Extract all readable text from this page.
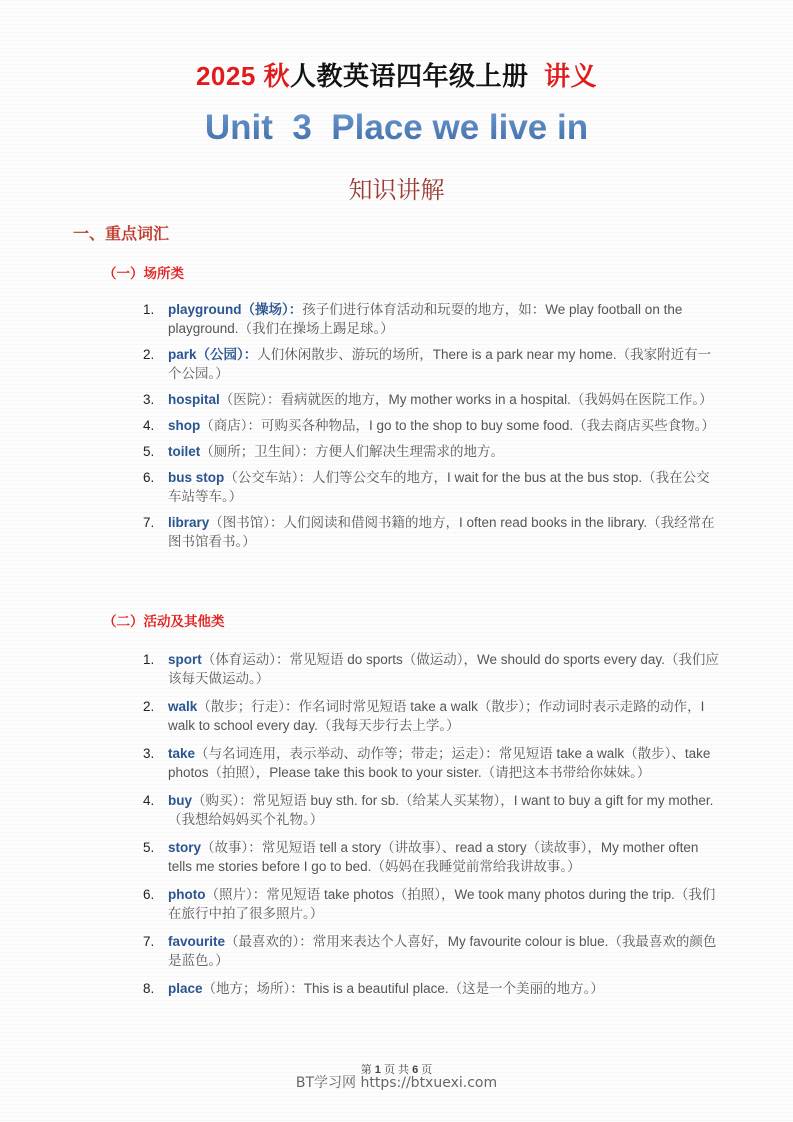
2025 秋人教英语四年级上册 讲义
Unit  3  Place we live in
知识讲解
一、重点词汇
（一）场所类
1. playground（操场）：孩子们进行体育活动和玩耍的地方，如：We play football on the playground.（我们在操场上踢足球。）
2. park（公园）：人们休闲散步、游玩的场所，There is a park near my home.（我家附近有一个公园。）
3. hospital（医院）：看病就医的地方，My mother works in a hospital.（我妈妈在医院工作。）
4. shop（商店）：可购买各种物品，I go to the shop to buy some food.（我去商店买些食物。）
5. toilet（厕所；卫生间）：方便人们解决生理需求的地方。
6. bus stop（公交车站）：人们等公交车的地方，I wait for the bus at the bus stop.（我在公交车站等车。）
7. library（图书馆）：人们阅读和借阅书籍的地方，I often read books in the library.（我经常在图书馆看书。）
（二）活动及其他类
1. sport（体育运动）：常见短语 do sports（做运动），We should do sports every day.（我们应该每天做运动。）
2. walk（散步；行走）：作名词时常见短语 take a walk（散步）；作动词时表示走路的动作，I walk to school every day.（我每天步行去上学。）
3. take（与名词连用，表示举动、动作等；带走；运走）：常见短语 take a walk（散步）、take photos（拍照），Please take this book to your sister.（请把这本书带给你妹妹。）
4. buy（购买）：常见短语 buy sth. for sb.（给某人买某物），I want to buy a gift for my mother.（我想给妈妈买个礼物。）
5. story（故事）：常见短语 tell a story（讲故事）、read a story（读故事），My mother often tells me stories before I go to bed.（妈妈在我睡觉前常给我讲故事。）
6. photo（照片）：常见短语 take photos（拍照），We took many photos during the trip.（我们在旅行中拍了很多照片。）
7. favourite（最喜欢的）：常用来表达个人喜好，My favourite colour is blue.（我最喜欢的颜色是蓝色。）
8. place（地方；场所）：This is a beautiful place.（这是一个美丽的地方。）
第 1 页 共 6 页
BT学习网 https://btxuexi.com
